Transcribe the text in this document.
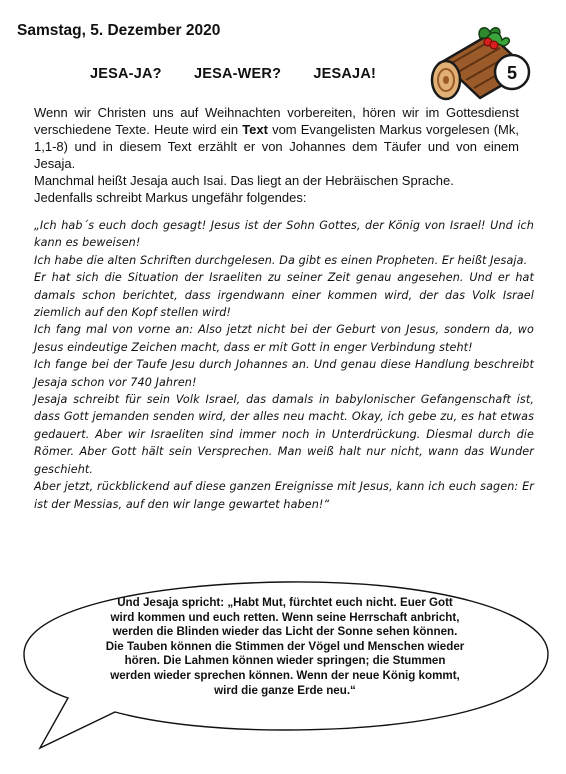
Samstag, 5. Dezember 2020
JESA-JA? JESA-WER? JESAJA!	5

Wenn wir Christen uns auf Weihnachten vorbereiten, hören wir im Gottesdienst verschiedene Texte. Heute wird ein Text vom Evangelisten Markus vorgelesen (Mk, 1,1-8) und in diesem Text erzählt er von Johannes dem Täufer und von einem Jesaja.

Manchmal heißt Jesaja auch Isai. Das liegt an der Hebräischen Sprache.

Jedenfalls schreibt Markus ungefähr folgendes:

„Ich hab´s euch doch gesagt! Jesus ist der Sohn Gottes, der König von Israel! Und ich kann es beweisen!

Ich habe die alten Schriften durchgelesen. Da gibt es einen Propheten. Er heißt Jesaja.

Er hat sich die Situation der Israeliten zu seiner Zeit genau angesehen. Und er hat damals schon berichtet, dass irgendwann einer kommen wird, der das Volk Israel ziemlich auf den Kopf stellen wird!

Ich fang mal von vorne an: Also jetzt nicht bei der Geburt von Jesus, sondern da, wo Jesus eindeutige Zeichen macht, dass er mit Gott in enger Verbindung steht!

Ich fange bei der Taufe Jesu durch Johannes an. Und genau diese Handlung beschreibt Jesaja schon vor 740 Jahren!

Jesaja schreibt für sein Volk Israel, das damals in babylonischer Gefangenschaft ist, dass Gott jemanden senden wird, der alles neu macht. Okay, ich gebe zu, es hat etwas gedauert. Aber wir Israeliten sind immer noch in Unterdrückung. Diesmal durch die Römer. Aber Gott hält sein Versprechen. Man weiß halt nur nicht, wann das Wunder geschieht.

Aber jetzt, rückblickend auf diese ganzen Ereignisse mit Jesus, kann ich euch sagen: Er ist der Messias, auf den wir lange gewartet haben!“

Und Jesaja spricht: „Habt Mut, fürchtet euch nicht. Euer Gott wird kommen und euch retten. Wenn seine Herrschaft anbricht, werden die Blinden wieder das Licht der Sonne sehen können. Die Tauben können die Stimmen der Vögel und Menschen wieder hören. Die Lahmen können wieder springen; die Stummen werden wieder sprechen können. Wenn der neue König kommt, wird die ganze Erde neu.“
